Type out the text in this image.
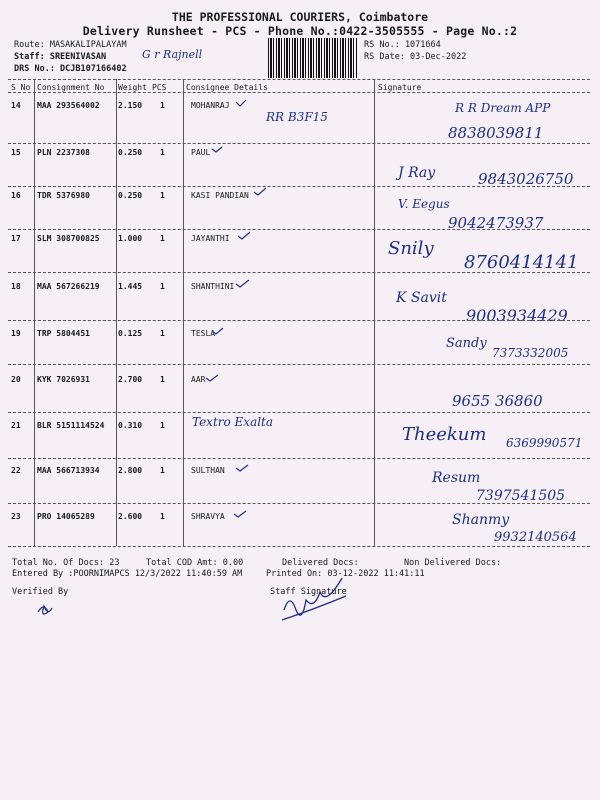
THE PROFESSIONAL COURIERS, Coimbatore
Delivery Runsheet - PCS - Phone No.:0422-3505555 - Page No.:2
Route: MASAKALIPALAYAM
Staff: SREENIVASAN
DRS No.: DCJB107166402
G r Rajnell
RS No.: 1071664
RS Date: 03-Dec-2022
S No Consignment No Weight PCS Consignee Details	Signature
14 MAA 293564002 2.150 1	MOHANRAJ
RR B3F15
R R Dream APP
8838039811
15 PLN 2237308	0.250 1	PAUL
J Ray	9843026750
16 TDR 5376980	0.250 1	KASI PANDIAN
V. Eegus
9042473937
17 SLM 308700825 1.000 1	JAYANTHI	Snily
8760414141
18 MAA 567266219 1.445 1	SHANTHINI
K Savit
9003934429
19 TRP 5804451	0.125 1	TESLA
Sandy
7373332005
20 KYK 7026931	2.700 1	AAR
9655 36860
21 BLR 5151114524 0.310 1 Textro Exalta
Theekum 6369990571
22 MAA 566713934 2.800 1	SULTHAN	Resum
7397541505
23 PRO 14065289	2.600 1	SHRAVYA	Shanmy
9932140564
Total No. Of Docs: 23	Total COD Amt: 0.00	Delivered Docs:	Non Delivered Docs:
Entered By :POORNIMAPCS 12/3/2022 11:40:59 AM	Printed On: 03-12-2022 11:41:11
Verified By	Staff Signature
